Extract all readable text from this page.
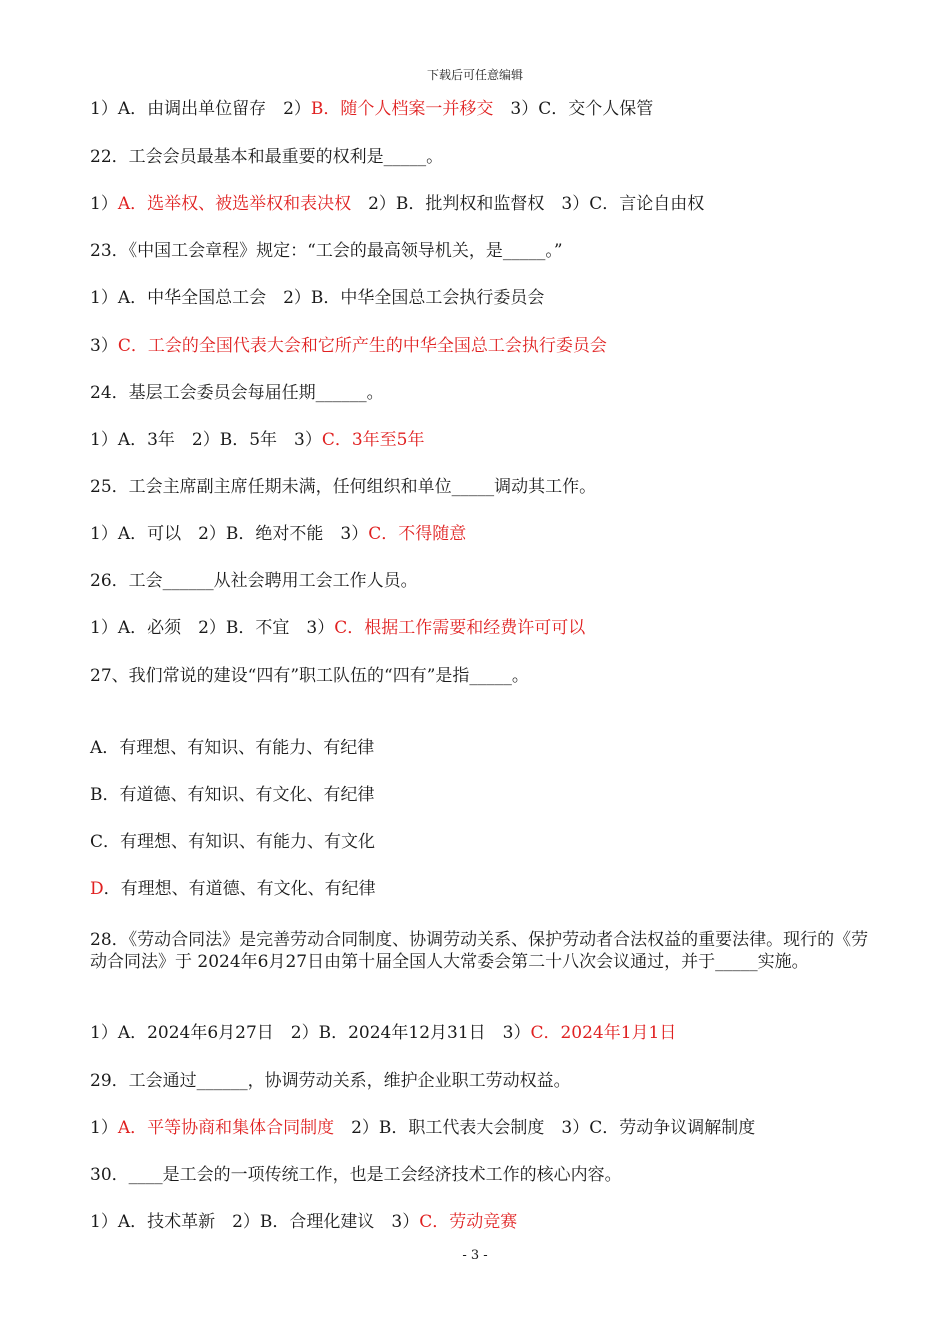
下载后可任意编辑
1）A．由调出单位留存　2）B．随个人档案一并移交　3）C．交个人保管
22．工会会员最基本和最重要的权利是_____。
1）A．选举权、被选举权和表决权　2）B．批判权和监督权　3）C．言论自由权
23．《中国工会章程》规定：“工会的最高领导机关，是_____。”
1）A．中华全国总工会　2）B．中华全国总工会执行委员会
3）C．工会的全国代表大会和它所产生的中华全国总工会执行委员会
24．基层工会委员会每届任期______。
1）A．3年　2）B．5年　3）C．3年至5年
25．工会主席副主席任期未满，任何组织和单位_____调动其工作。
1）A．可以　2）B．绝对不能　3）C．不得随意
26．工会______从社会聘用工会工作人员。
1）A．必须　2）B．不宜　3）C．根据工作需要和经费许可可以
27、我们常说的建设“四有”职工队伍的“四有”是指_____。
A．有理想、有知识、有能力、有纪律
B．有道德、有知识、有文化、有纪律
C．有理想、有知识、有能力、有文化
D．有理想、有道德、有文化、有纪律
1）A．2024年6月27日　2）B．2024年12月31日　3）C．2024年1月1日
29．工会通过______，协调劳动关系，维护企业职工劳动权益。
1）A．平等协商和集体合同制度　2）B．职工代表大会制度　3）C．劳动争议调解制度
30．____是工会的一项传统工作，也是工会经济技术工作的核心内容。
1）A．技术革新　2）B．合理化建议　3）C．劳动竞赛
28．《劳动合同法》是完善劳动合同制度、协调劳动关系、保护劳动者合法权益的重要法律。现行的《劳动合同法》于 2024年6月27日由第十届全国人大常委会第二十八次会议通过，并于_____实施。
- 3 -
